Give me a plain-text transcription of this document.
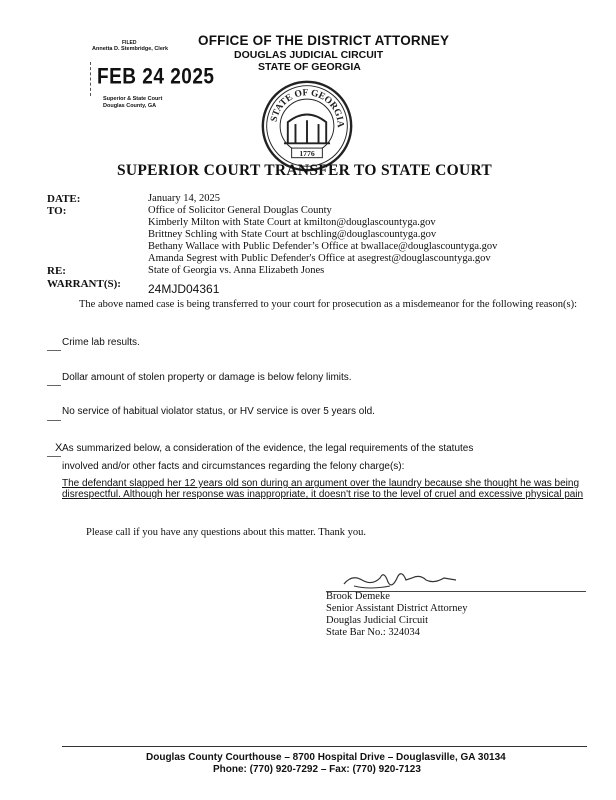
OFFICE OF THE DISTRICT ATTORNEY
DOUGLAS JUDICIAL CIRCUIT
STATE OF GEORGIA
FILED
Annetta D. Stembridge, Clerk
FEB 24 2025
Superior & State Court
Douglas County, GA
STATE OF GEORGIA
1776
SUPERIOR COURT TRANSFER TO STATE COURT
DATE:	January 14, 2025
TO:	Office of Solicitor General Douglas County
Kimberly Milton with State Court at kmilton@douglascountyga.gov
Brittney Schling with State Court at bschling@douglascountyga.gov
Bethany Wallace with Public Defender’s Office at bwallace@douglascountyga.gov
Amanda Segrest with Public Defender's Office at asegrest@douglascountyga.gov
RE:	State of Georgia vs. Anna Elizabeth Jones
WARRANT(S): 24MJD04361
The above named case is being transferred to your court for prosecution as a misdemeanor for the following reason(s):
Crime lab results.
Dollar amount of stolen property or damage is below felony limits.
No service of habitual violator status, or HV service is over 5 years old.
X As summarized below, a consideration of the evidence, the legal requirements of the statutes
involved and/or other facts and circumstances regarding the felony charge(s):
The defendant slapped her 12 years old son during an argument over the laundry because she thought he was being disrespectful. Although her response was inappropriate, it doesn't rise to the level of cruel and excessive physical pain
Please call if you have any questions about this matter. Thank you.
Brook Demeke
Senior Assistant District Attorney
Douglas Judicial Circuit
State Bar No.: 324034
Douglas County Courthouse – 8700 Hospital Drive – Douglasville, GA 30134
Phone: (770) 920-7292 – Fax: (770) 920-7123
